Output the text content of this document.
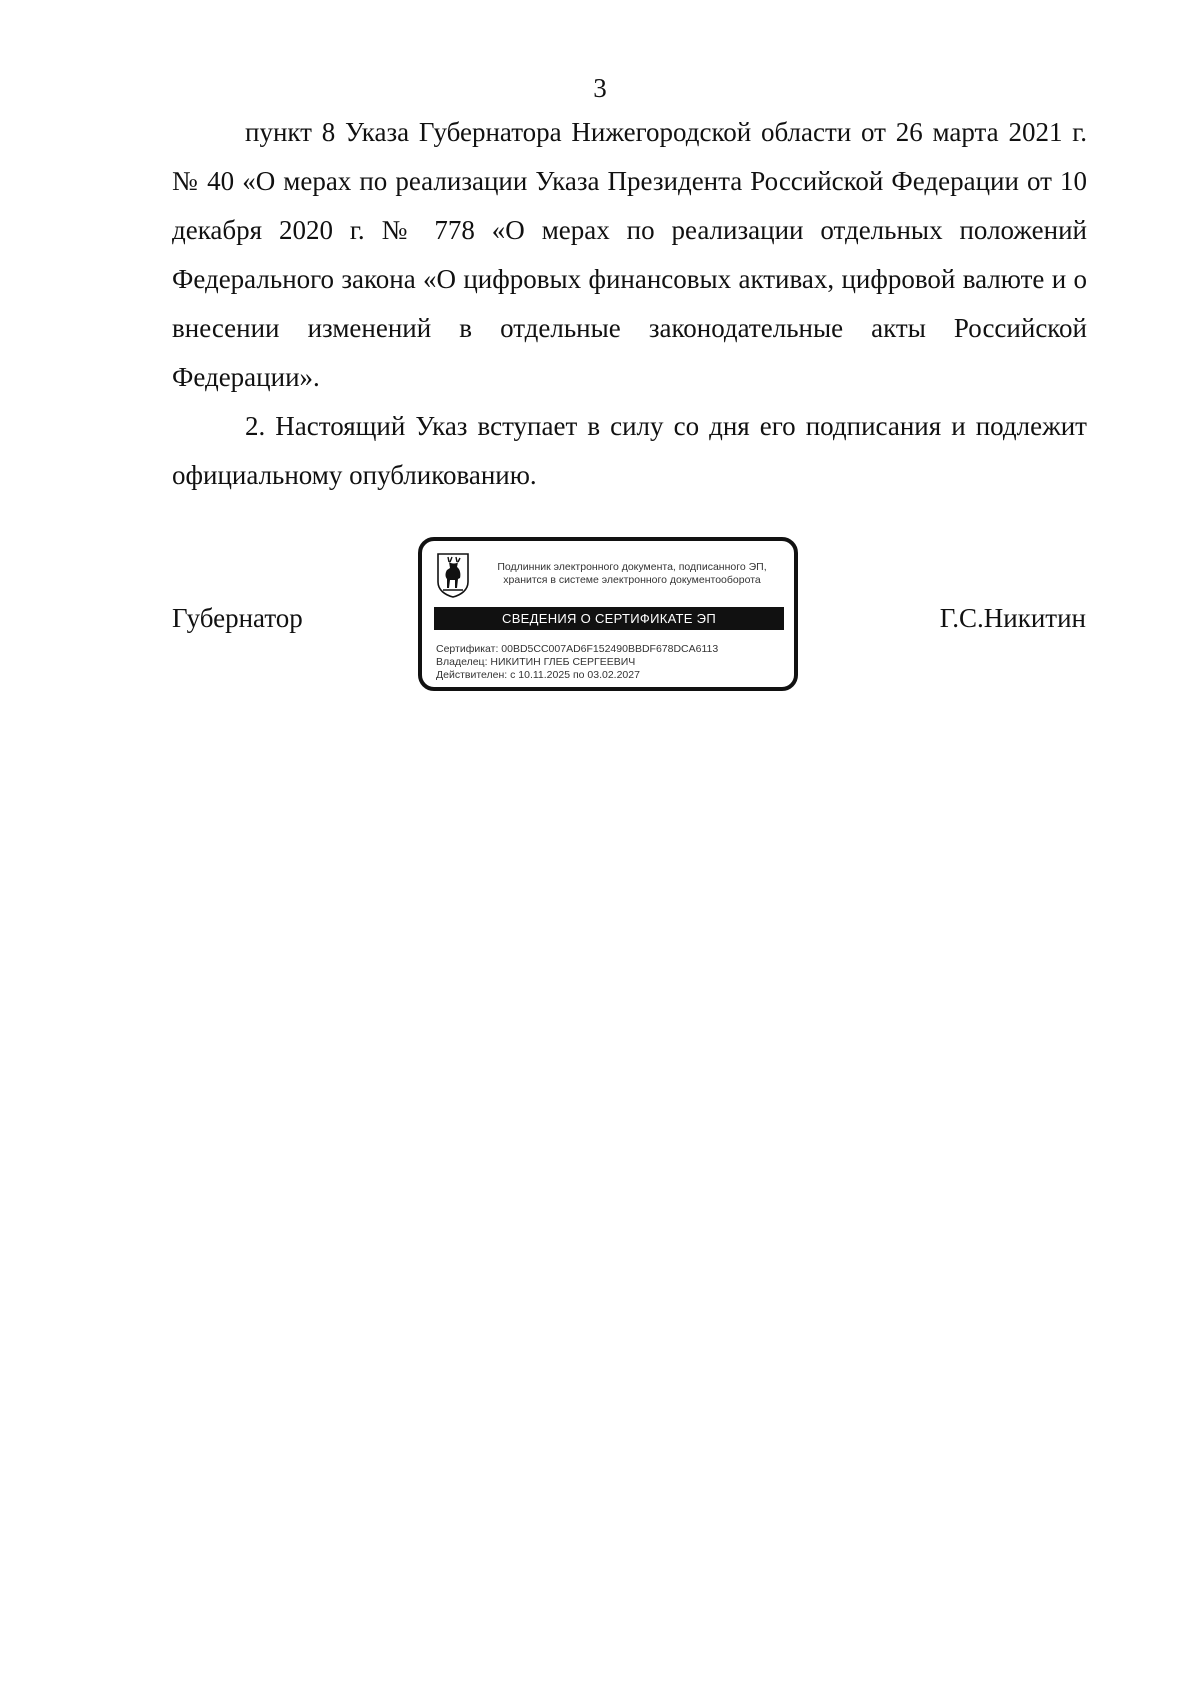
3

пункт 8 Указа Губернатора Нижегородской области от 26 марта 2021 г. № 40 «О мерах по реализации Указа Президента Российской Федерации от 10 декабря 2020 г. № 778 «О мерах по реализации отдельных положений Федерального закона «О цифровых финансовых активах, цифровой валюте и о внесении изменений в отдельные законодательные акты Российской Федерации».

2. Настоящий Указ вступает в силу со дня его подписания и подлежит официальному опубликованию.

Губернатор
Подлинник электронного документа, подписанного ЭП,
хранится в системе электронного документооборота
СВЕДЕНИЯ О СЕРТИФИКАТЕ ЭП
Сертификат: 00BD5CC007AD6F152490BBDF678DCA6113
Владелец: НИКИТИН ГЛЕБ СЕРГЕЕВИЧ
Действителен: с 10.11.2025 по 03.02.2027
Г.С.Никитин
